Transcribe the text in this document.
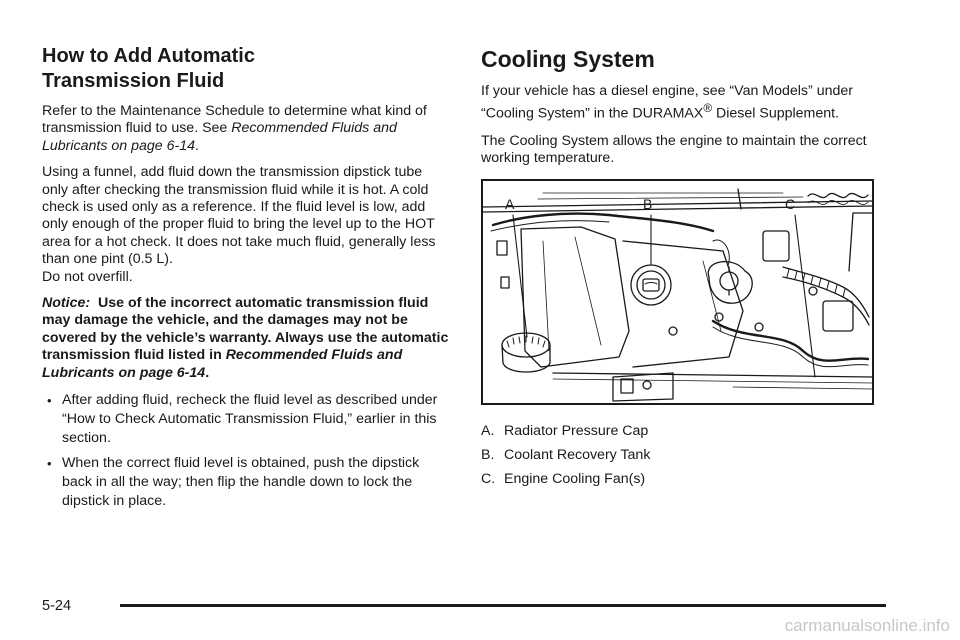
How to Add Automatic
Transmission Fluid

Refer to the Maintenance Schedule to determine what kind of transmission fluid to use. See Recommended Fluids and Lubricants on page 6-14.

Using a funnel, add fluid down the transmission dipstick tube only after checking the transmission fluid while it is hot. A cold check is used only as a reference. If the fluid level is low, add only enough of the proper fluid to bring the level up to the HOT area for a hot check. It does not take much fluid, generally less than one pint (0.5 L).
Do not overfill.

Notice: Use of the incorrect automatic transmission fluid may damage the vehicle, and the damages may not be covered by the vehicle’s warranty. Always use the automatic transmission fluid listed in Recommended Fluids and Lubricants on page 6-14.

• After adding fluid, recheck the fluid level as described under “How to Check Automatic Transmission Fluid,” earlier in this section.
• When the correct fluid level is obtained, push the dipstick back in all the way; then flip the handle down to lock the dipstick in place.
Cooling System

If your vehicle has a diesel engine, see “Van Models” under “Cooling System” in the DURAMAX® Diesel Supplement.

The Cooling System allows the engine to maintain the correct working temperature.

A	B	C
A. Radiator Pressure Cap
B. Coolant Recovery Tank
C. Engine Cooling Fan(s)
5-24
carmanualsonline.info
